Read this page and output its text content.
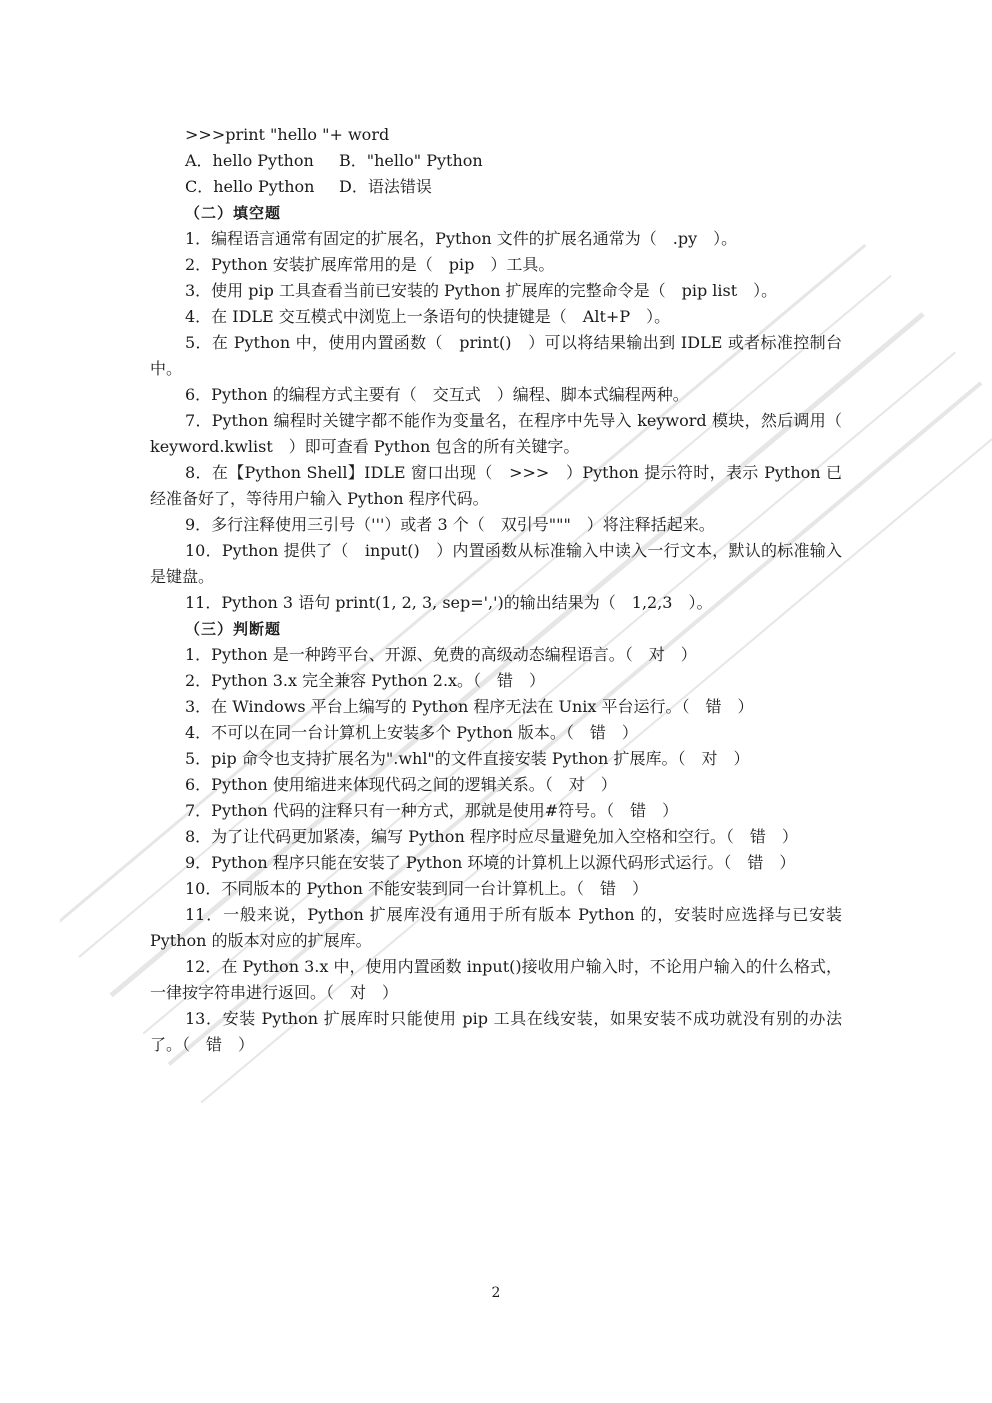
>>>print "hello "+ word
A．hello Python B．"hello" Python
C．hello Python D．语法错误
（二）填空题
1．编程语言通常有固定的扩展名，Python 文件的扩展名通常为（　.py　）。
2．Python 安装扩展库常用的是（　pip　）工具。
3．使用 pip 工具查看当前已安装的 Python 扩展库的完整命令是（　pip list　）。
4．在 IDLE 交互模式中浏览上一条语句的快捷键是（　Alt+P　）。
5．在 Python 中，使用内置函数（　print()　）可以将结果输出到 IDLE 或者标准控制台中。
6．Python 的编程方式主要有（　交互式　）编程、脚本式编程两种。
7．Python 编程时关键字都不能作为变量名，在程序中先导入 keyword 模块，然后调用（　keyword.kwlist　）即可查看 Python 包含的所有关键字。
8．在【Python Shell】IDLE 窗口出现（　>>>　）Python 提示符时，表示 Python 已经准备好了，等待用户输入 Python 程序代码。
9．多行注释使用三引号（'''）或者 3 个（　双引号"""　）将注释括起来。
10．Python 提供了（　input()　）内置函数从标准输入中读入一行文本，默认的标准输入是键盘。
11．Python 3 语句 print(1, 2, 3, sep=',')的输出结果为（　1,2,3　）。
（三）判断题
1．Python 是一种跨平台、开源、免费的高级动态编程语言。（　对　）
2．Python 3.x 完全兼容 Python 2.x。（　错　）
3．在 Windows 平台上编写的 Python 程序无法在 Unix 平台运行。（　错　）
4．不可以在同一台计算机上安装多个 Python 版本。（　错　）
5．pip 命令也支持扩展名为".whl"的文件直接安装 Python 扩展库。（　对　）
6．Python 使用缩进来体现代码之间的逻辑关系。（　对　）
7．Python 代码的注释只有一种方式，那就是使用#符号。（　错　）
8．为了让代码更加紧凑，编写 Python 程序时应尽量避免加入空格和空行。（　错　）
9．Python 程序只能在安装了 Python 环境的计算机上以源代码形式运行。（　错　）
10．不同版本的 Python 不能安装到同一台计算机上。（　错　）
11．一般来说，Python 扩展库没有通用于所有版本 Python 的，安装时应选择与已安装 Python 的版本对应的扩展库。
12．在 Python 3.x 中，使用内置函数 input()接收用户输入时，不论用户输入的什么格式，一律按字符串进行返回。（　对　）
13．安装 Python 扩展库时只能使用 pip 工具在线安装，如果安装不成功就没有别的办法了。（　错　）
2
